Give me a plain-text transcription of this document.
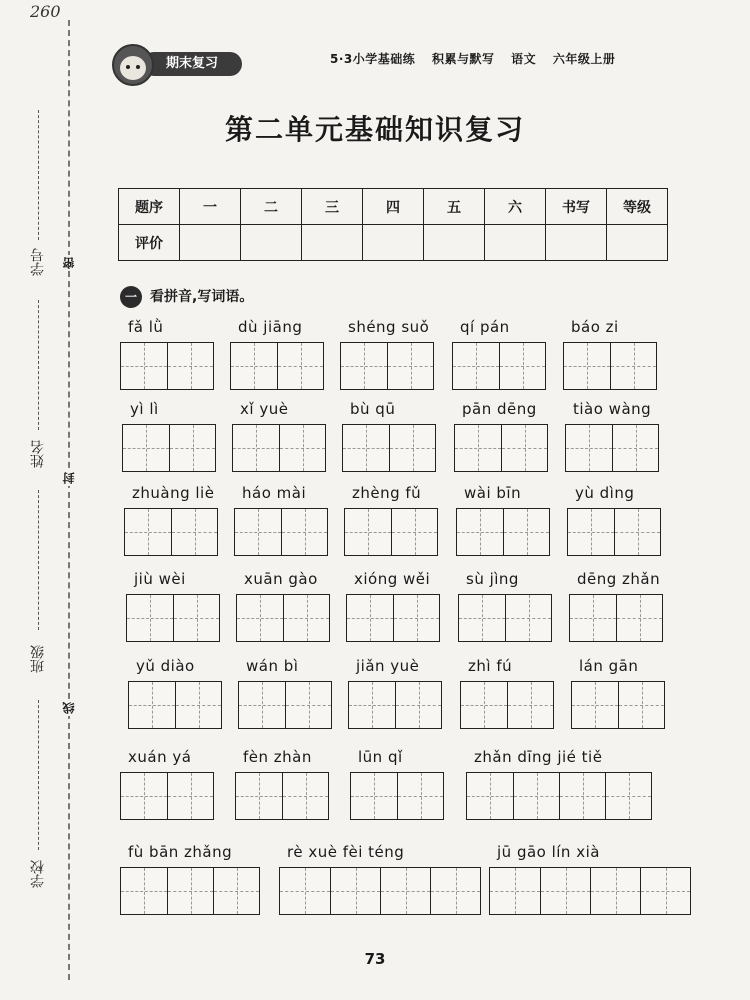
260
学号
姓名
班级
学校
密
封
线
期末复习	5·3小学基础练 积累与默写 语文 六年级上册
第二单元基础知识复习
题序	一	二	三	四	五	六	书写	等级
评价								
一 看拼音,写词语。
fǎ lǜ	dù jiāng	shéng suǒ	qí pán	báo zi
yì lì	xǐ yuè	bù qū	pān dēng	tiào wàng
zhuàng liè	háo mài	zhèng fǔ	wài bīn	yù dìng
jiù wèi	xuān gào	xióng wěi	sù jìng	dēng zhǎn
yǔ diào	wán bì	jiǎn yuè	zhì fú	lán gān
xuán yá	fèn zhàn	lūn qǐ	zhǎn dīng jié tiě
fù bān zhǎng	rè xuè fèi téng	jū gāo lín xià
73
